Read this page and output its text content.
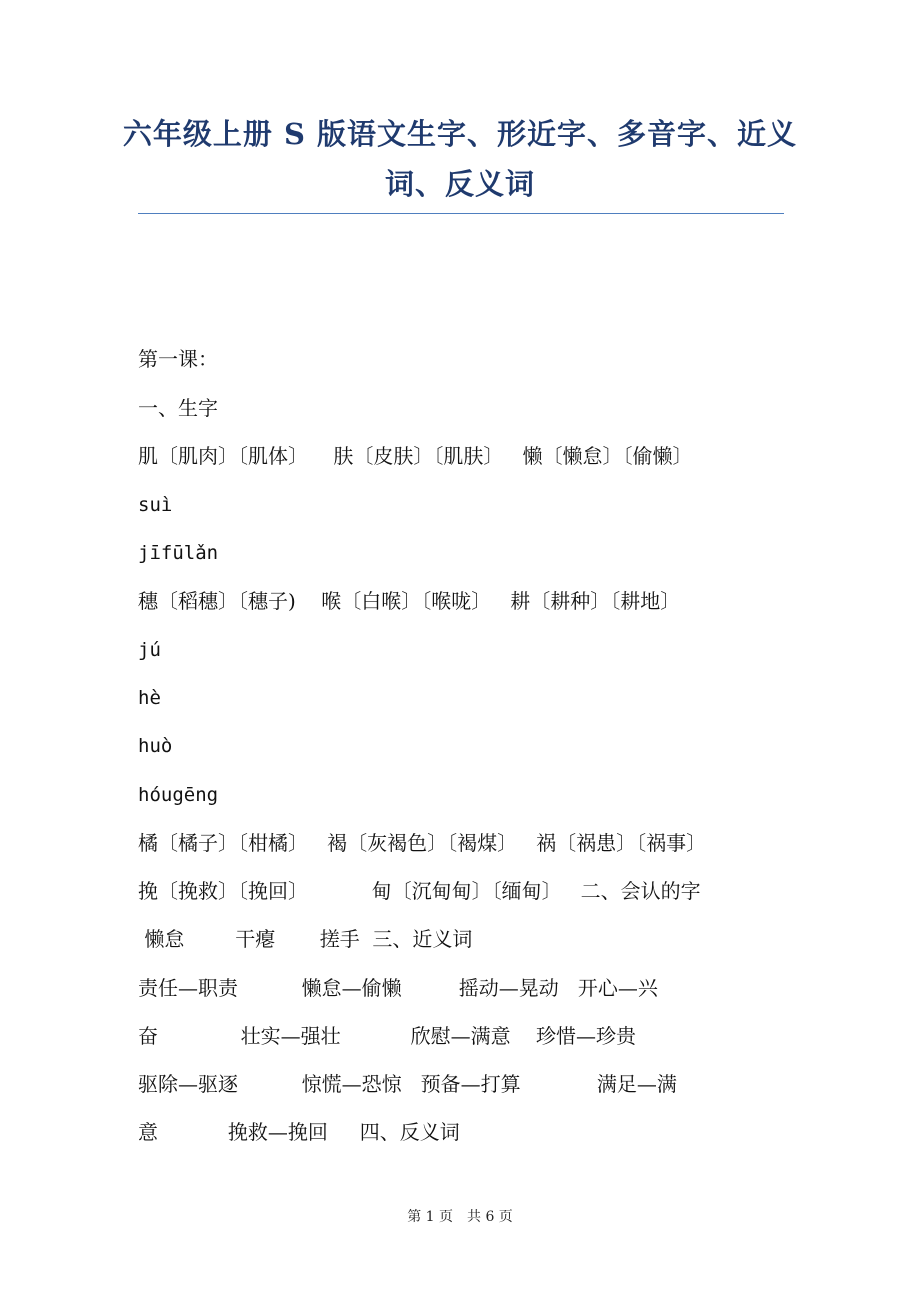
六年级上册 S 版语文生字、形近字、多音字、近义
词、反义词
第一课：
一、生字
肌〔肌肉〕〔肌体〕    肤〔皮肤〕〔肌肤〕   懒〔懒怠〕〔偷懒〕
suì
jīfūlǎn
穗〔稻穗〕〔穗子)    喉〔白喉〕〔喉咙〕   耕〔耕种〕〔耕地〕
jú
hè
huò
hóugēng
橘〔橘子〕〔柑橘〕   褐〔灰褐色〕〔褐煤〕   祸〔祸患〕〔祸事〕
挽〔挽救〕〔挽回〕          甸〔沉甸甸〕〔缅甸〕   二、会认的字
懒怠        干瘪       搓手  三、近义词
责任—职责          懒怠—偷懒         摇动—晃动   开心—兴
奋             壮实—强壮           欣慰—满意    珍惜—珍贵
驱除—驱逐          惊慌—恐惊   预备—打算            满足—满
意           挽救—挽回     四、反义词
第 1 页 共 6 页
